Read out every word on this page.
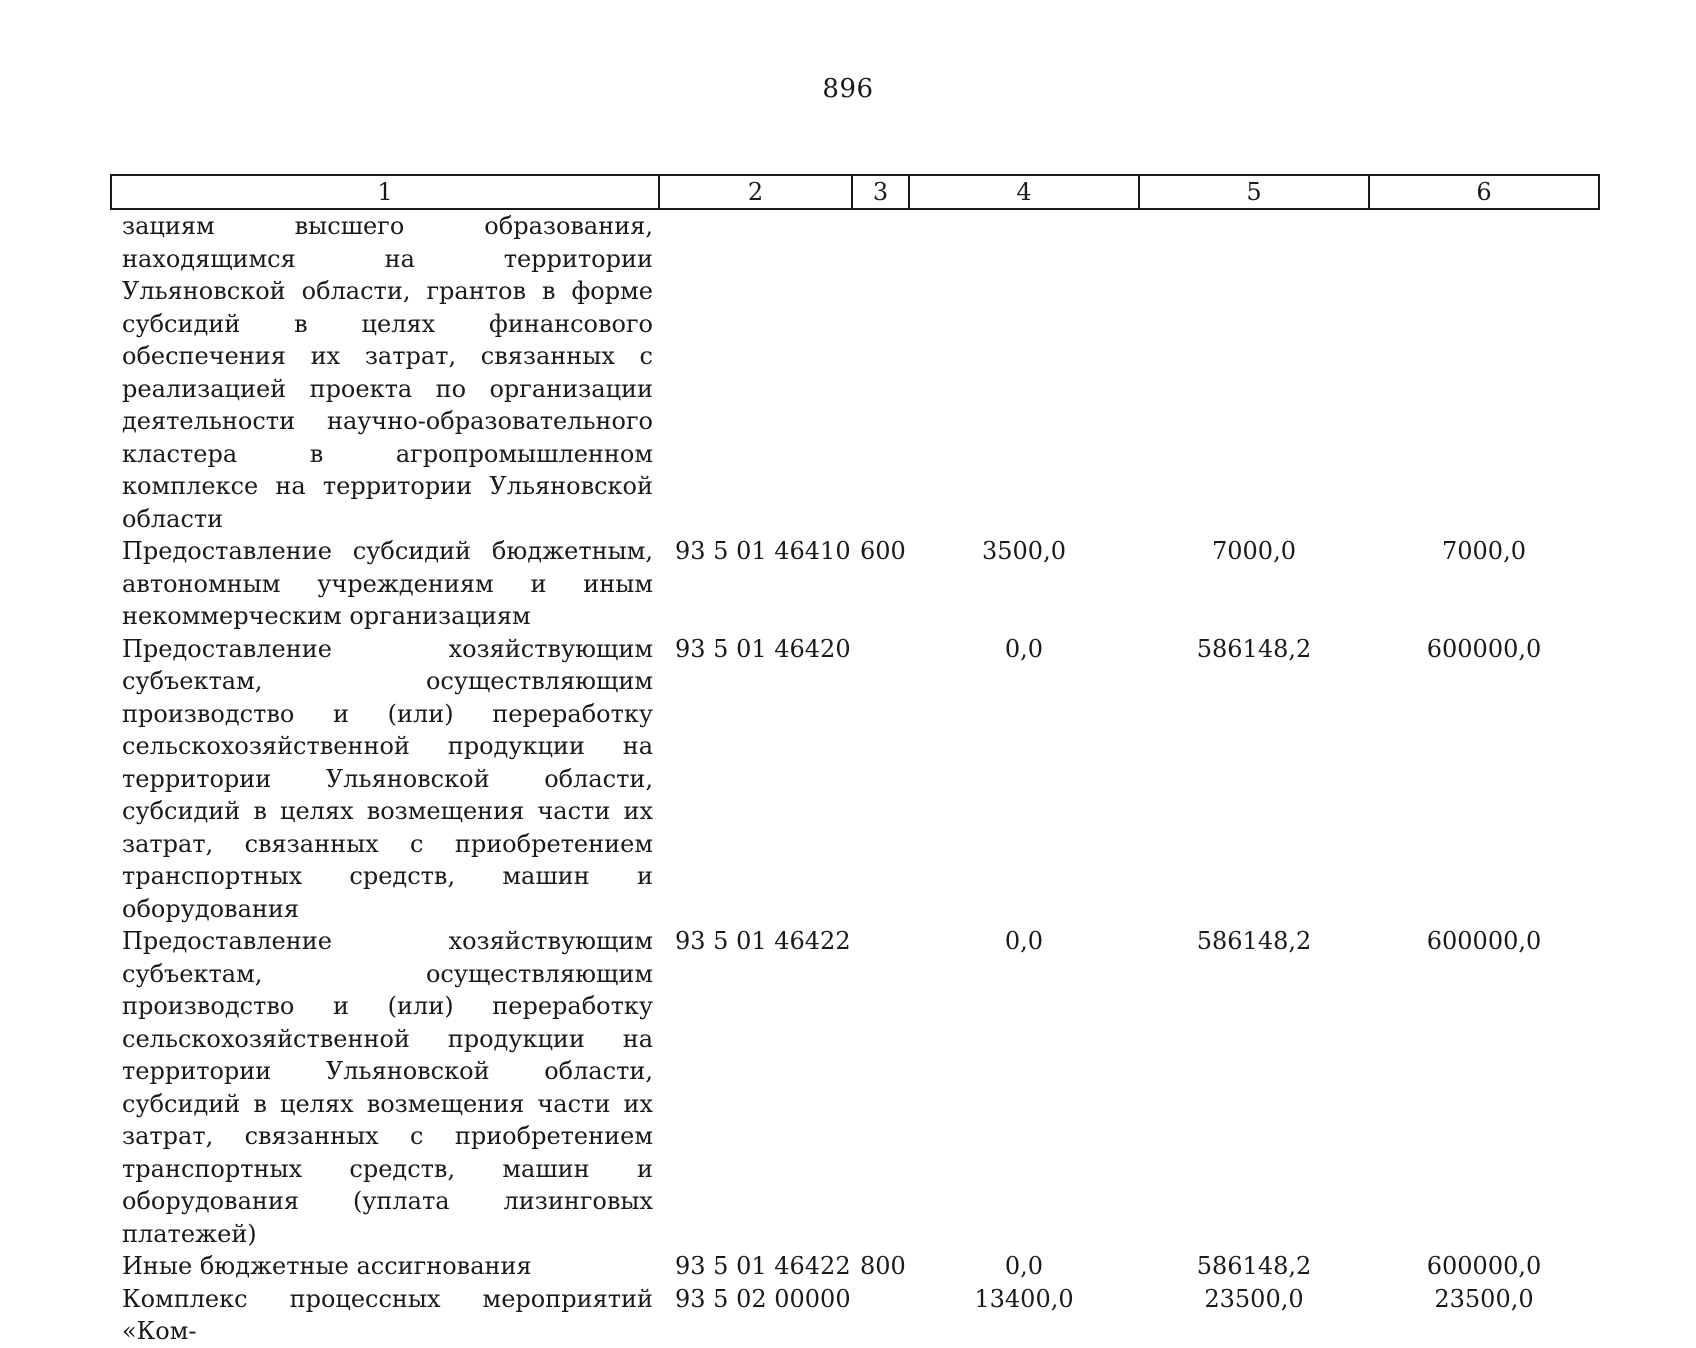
896
1	2	3	4	5	6
зациям высшего образования, находящимся на территории Ульяновской области, грантов в форме субсидий в целях финансового обеспечения их затрат, связанных с реализацией проекта по организации деятельности научно-образовательного кластера в агропромышленном комплексе на территории Ульяновской области					
Предоставление субсидий бюджетным, автономным учреждениям и иным некоммерческим организациям	93 5 01 46410	600	3500,0	7000,0	7000,0
Предоставление хозяйствующим субъектам, осуществляющим производство и (или) переработку сельскохозяйственной продукции на территории Ульяновской области, субсидий в целях возмещения части их затрат, связанных с приобретением транспортных средств, машин и оборудования	93 5 01 46420		0,0	586148,2	600000,0
Предоставление хозяйствующим субъектам, осуществляющим производство и (или) переработку сельскохозяйственной продукции на территории Ульяновской области, субсидий в целях возмещения части их затрат, связанных с приобретением транспортных средств, машин и оборудования (уплата лизинговых платежей)	93 5 01 46422		0,0	586148,2	600000,0
Иные бюджетные ассигнования	93 5 01 46422	800	0,0	586148,2	600000,0
Комплекс процессных мероприятий «Ком-	93 5 02 00000		13400,0	23500,0	23500,0
